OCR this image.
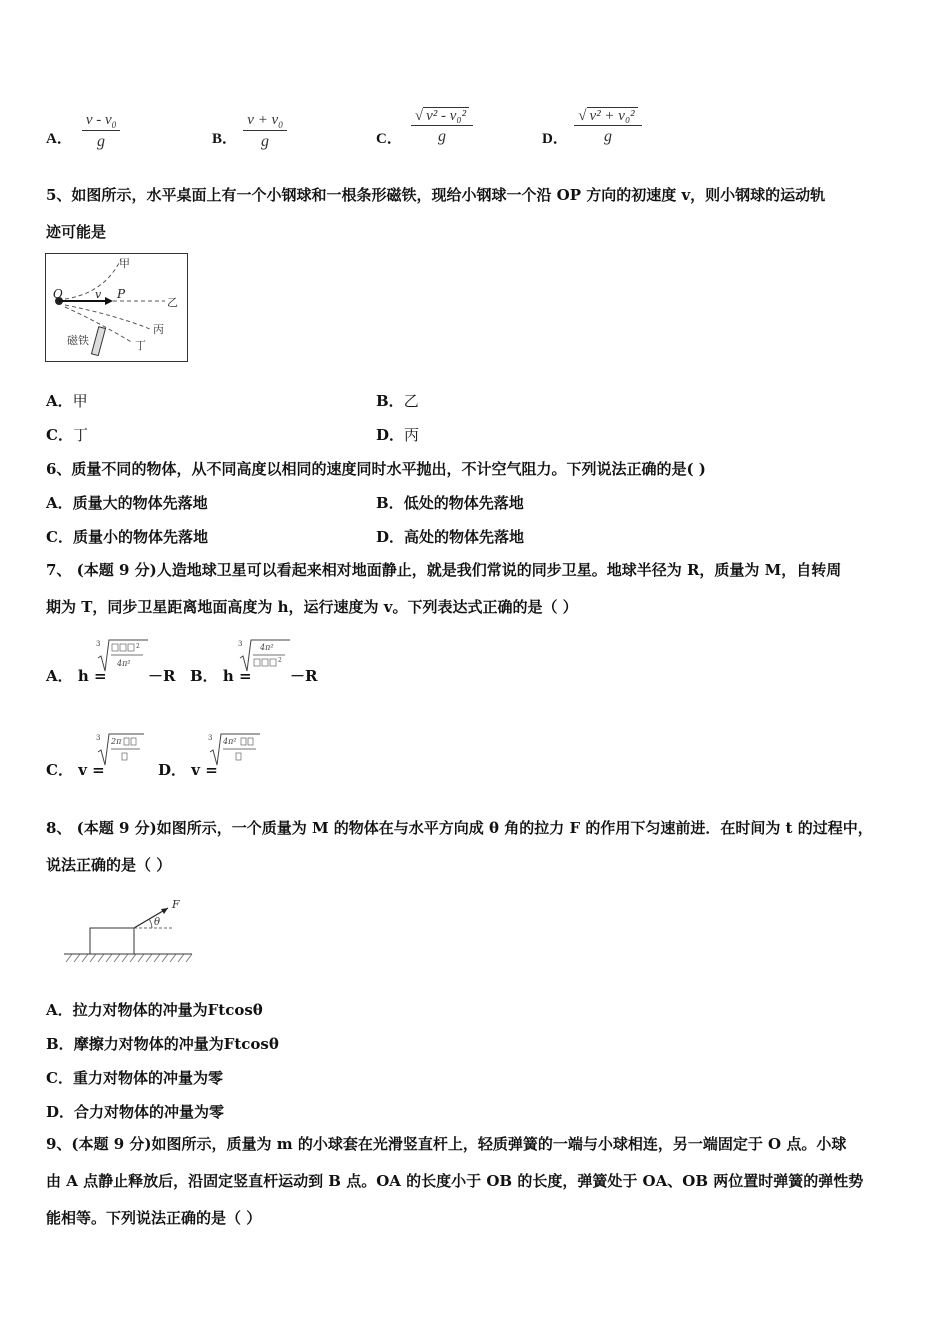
A． $\frac{v - v_0}{g}$	B． $\frac{v + v_0}{g}$	C． $\frac{\text{√ v² - v₀²}}{g}$	D． $\frac{\text{√ v² + v₀²}}{g}$
5、如图所示，水平桌面上有一个小钢球和一根条形磁铁，现给小钢球一个沿 OP 方向的初速度 v，则小钢球的运动轨
迹可能是
O	v P
甲
乙
丙
丁
磁铁
A．甲	B．乙
C．丁	D．丙
6、质量不同的物体，从不同高度以相同的速度同时水平抛出，不计空气阻力。下列说法正确的是( )
A．质量大的物体先落地	B．低处的物体先落地
C．质量小的物体先落地	D．高处的物体先落地
7、 (本题 9 分)人造地球卫星可以看起来相对地面静止，就是我们常说的同步卫星。地球半径为 R，质量为 M，自转周
期为 T，同步卫星距离地面高度为 h，运行速度为 v。下列表达式正确的是（ ）
A． h =
3	2
4π²
－R B． h =
3 4π²
2
－R
C． v =
3 2π
D． v =
3 4π²
8、 (本题 9 分)如图所示，一个质量为 M 的物体在与水平方向成 θ 角的拉力 F 的作用下匀速前进．在时间为 t 的过程中，
说法正确的是（ ）
F
θ
A．拉力对物体的冲量为Ftcosθ
B．摩擦力对物体的冲量为Ftcosθ
C．重力对物体的冲量为零
D．合力对物体的冲量为零
9、(本题 9 分)如图所示，质量为 m 的小球套在光滑竖直杆上，轻质弹簧的一端与小球相连，另一端固定于 O 点。小球
由 A 点静止释放后，沿固定竖直杆运动到 B 点。OA 的长度小于 OB 的长度，弹簧处于 OA、OB 两位置时弹簧的弹性势
能相等。下列说法正确的是（ ）
